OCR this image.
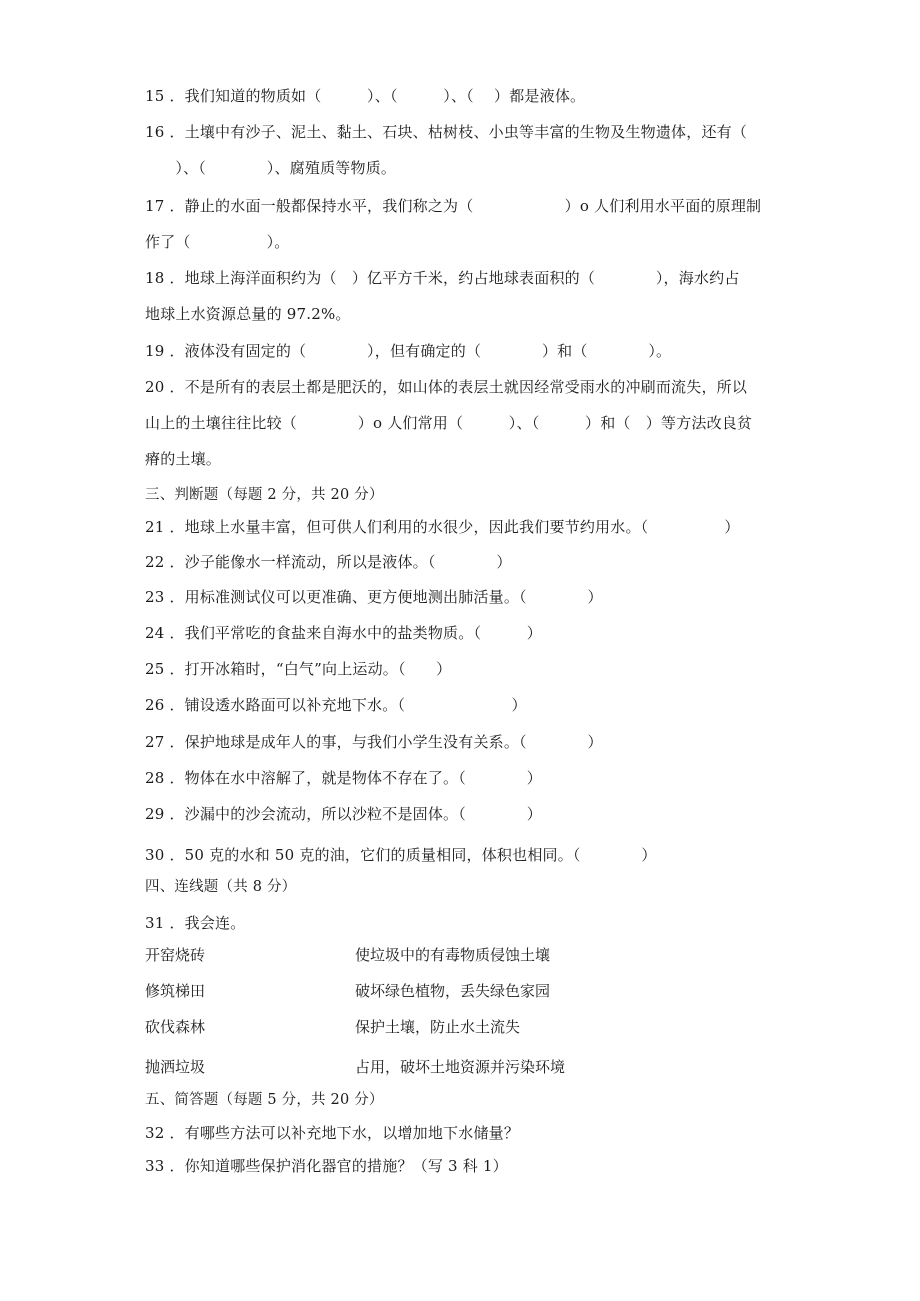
15 ．我们知道的物质如（　　　）、（　　　）、（　 ）都是液体。
16 ．土壤中有沙子、泥土、黏土、石块、枯树枝、小虫等丰富的生物及生物遗体，还有（
　　）、（　　　　）、腐殖质等物质。
17 ．静止的水面一般都保持水平，我们称之为（　　　　　　）o 人们利用水平面的原理制
作了（　　　　　）。
18 ．地球上海洋面积约为（　）亿平方千米，约占地球表面积的（　　　　），海水约占
地球上水资源总量的 97.2%。
19 ．液体没有固定的（　　　　），但有确定的（　　　　）和（　　　　）。
20 ．不是所有的表层土都是肥沃的，如山体的表层土就因经常受雨水的冲刷而流失，所以
山上的土壤往往比较（　　　　）o 人们常用（　　　）、（　　　）和（　）等方法改良贫
瘠的土壤。
三、判断题（每题 2 分，共 20 分）
21 ．地球上水量丰富，但可供人们利用的水很少，因此我们要节约用水。（　　　　　）
22 ．沙子能像水一样流动，所以是液体。（　　　　）
23 ．用标准测试仪可以更准确、更方便地测出肺活量。（　　　　）
24 ．我们平常吃的食盐来自海水中的盐类物质。（　　　）
25 ．打开冰箱时，“白气”向上运动。（　　）
26 ．铺设透水路面可以补充地下水。（　　　　　　　）
27 ．保护地球是成年人的事，与我们小学生没有关系。（　　　　）
28 ．物体在水中溶解了，就是物体不存在了。（　　　　）
29 ．沙漏中的沙会流动，所以沙粒不是固体。（　　　　）
30 ．50 克的水和 50 克的油，它们的质量相同，体积也相同。（　　　　）
四、连线题（共 8 分）
31 ．我会连。
开窑烧砖	使垃圾中的有毒物质侵蚀土壤
修筑梯田	破坏绿色植物，丢失绿色家园
砍伐森林	保护土壤，防止水土流失
抛洒垃圾	占用，破坏土地资源并污染环境
五、简答题（每题 5 分，共 20 分）
32 ．有哪些方法可以补充地下水，以增加地下水储量？
33 ．你知道哪些保护消化器官的措施？（写 3 科 1）
